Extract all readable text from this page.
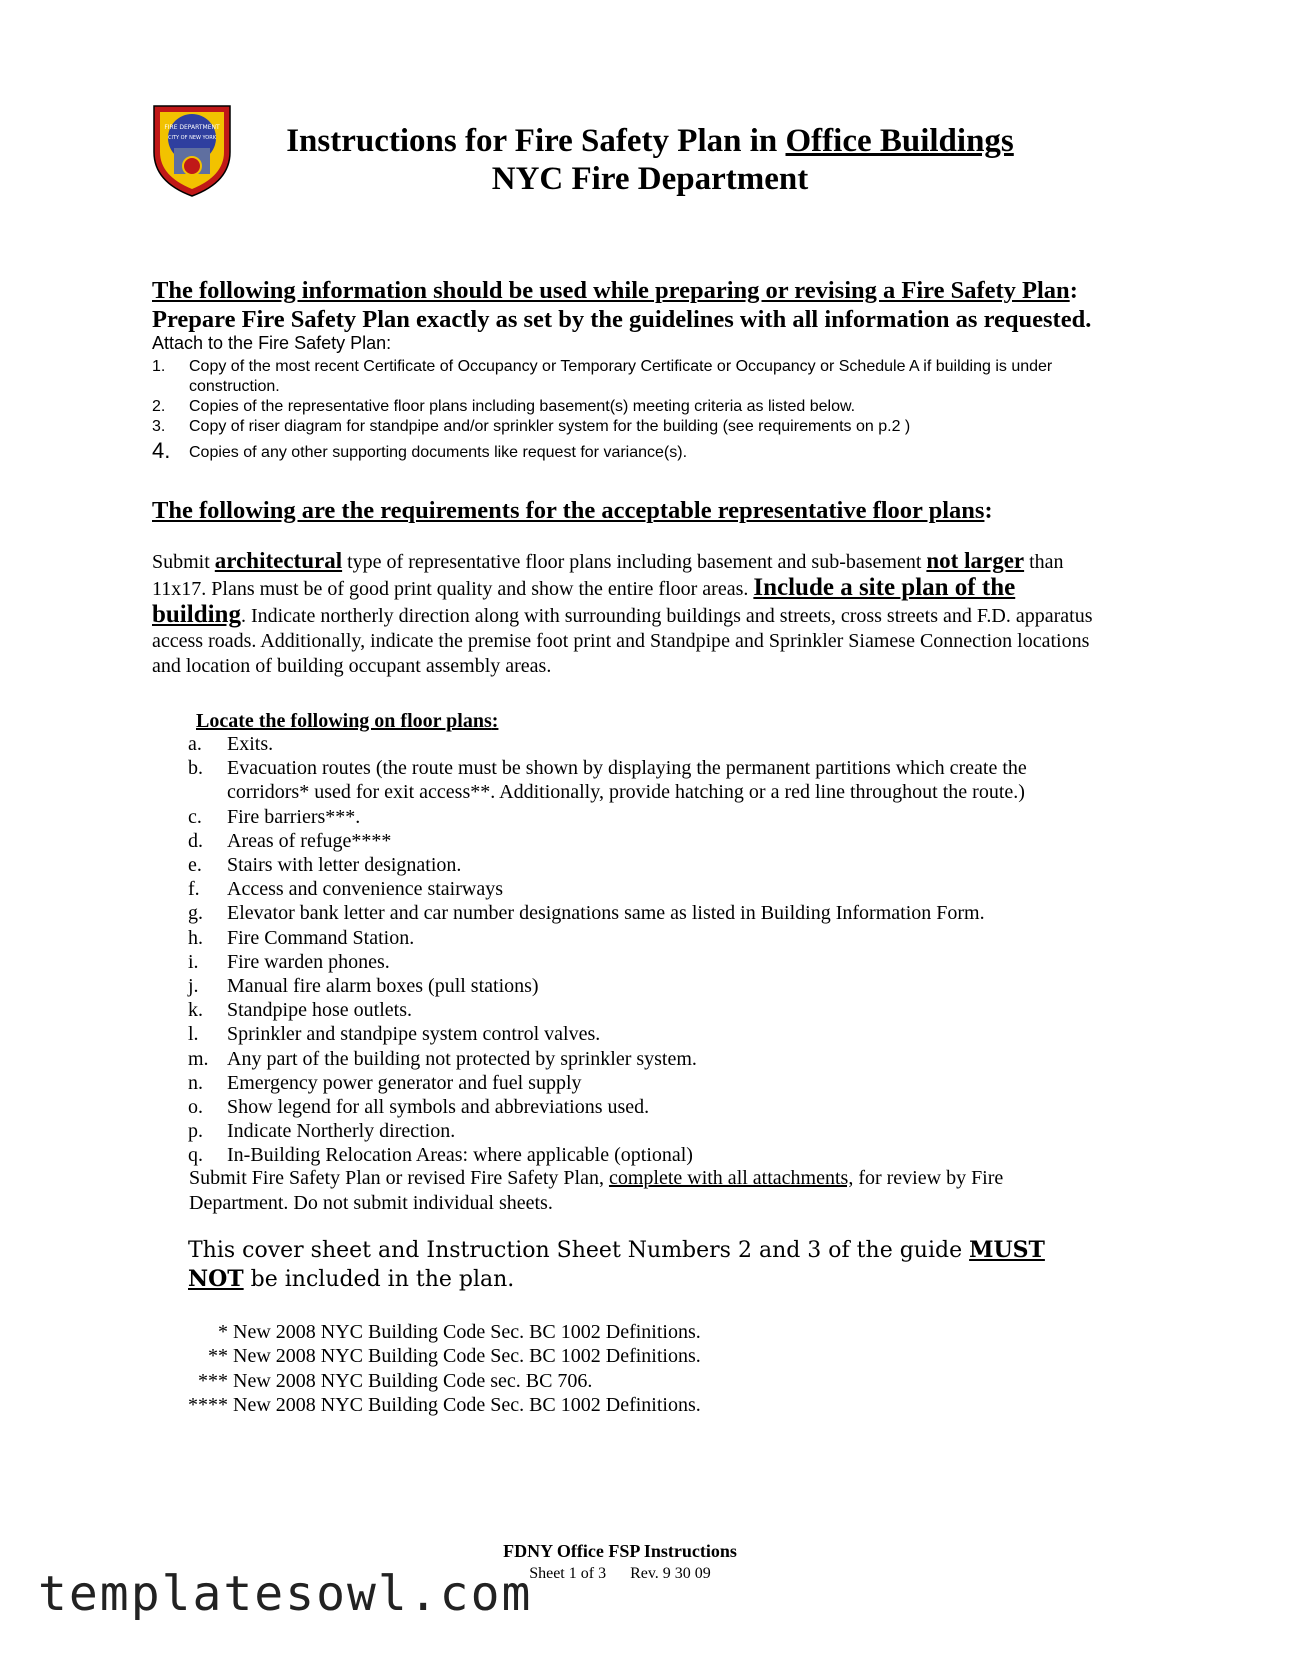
FIRE DEPARTMENT
CITY OF NEW YORK	Instructions for Fire Safety Plan in Office Buildings
NYC Fire Department
The following information should be used while preparing or revising a Fire Safety Plan:
Prepare Fire Safety Plan exactly as set by the guidelines with all information as requested.
Attach to the Fire Safety Plan:
1.	Copy of the most recent Certificate of Occupancy or Temporary Certificate or Occupancy or Schedule A if building is under construction.
2.	Copies of the representative floor plans including basement(s) meeting criteria as listed below.
3.	Copy of riser diagram for standpipe and/or sprinkler system for the building (see requirements on p.2 )
4.	Copies of any other supporting documents like request for variance(s).
The following are the requirements for the acceptable representative floor plans:
Submit architectural type of representative floor plans including basement and sub-basement not larger than 11x17. Plans must be of good print quality and show the entire floor areas. Include a site plan of the building. Indicate northerly direction along with surrounding buildings and streets, cross streets and F.D. apparatus access roads. Additionally, indicate the premise foot print and Standpipe and Sprinkler Siamese Connection locations and location of building occupant assembly areas.
Locate the following on floor plans:
a.	Exits.
b.	Evacuation routes (the route must be shown by displaying the permanent partitions which create the corridors* used for exit access**. Additionally, provide hatching or a red line throughout the route.)
c.	Fire barriers***.
d.	Areas of refuge****
e.	Stairs with letter designation.
f.	Access and convenience stairways
g.	Elevator bank letter and car number designations same as listed in Building Information Form.
h.	Fire Command Station.
i.	Fire warden phones.
j.	Manual fire alarm boxes (pull stations)
k.	Standpipe hose outlets.
l.	Sprinkler and standpipe system control valves.
m. Any part of the building not protected by sprinkler system.
n.	Emergency power generator and fuel supply
o.	Show legend for all symbols and abbreviations used.
p.	Indicate Northerly direction.
q.	In-Building Relocation Areas: where applicable (optional)
Submit Fire Safety Plan or revised Fire Safety Plan, complete with all attachments, for review by Fire Department. Do not submit individual sheets.
This cover sheet and Instruction Sheet Numbers 2 and 3 of the guide MUST NOT be included in the plan.
* New 2008 NYC Building Code Sec. BC 1002 Definitions.
** New 2008 NYC Building Code Sec. BC 1002 Definitions.
*** New 2008 NYC Building Code sec. BC 706.
**** New 2008 NYC Building Code Sec. BC 1002 Definitions.
FDNY Office FSP Instructions
Sheet 1 of 3 Rev. 9 30 09
templatesowl.com
